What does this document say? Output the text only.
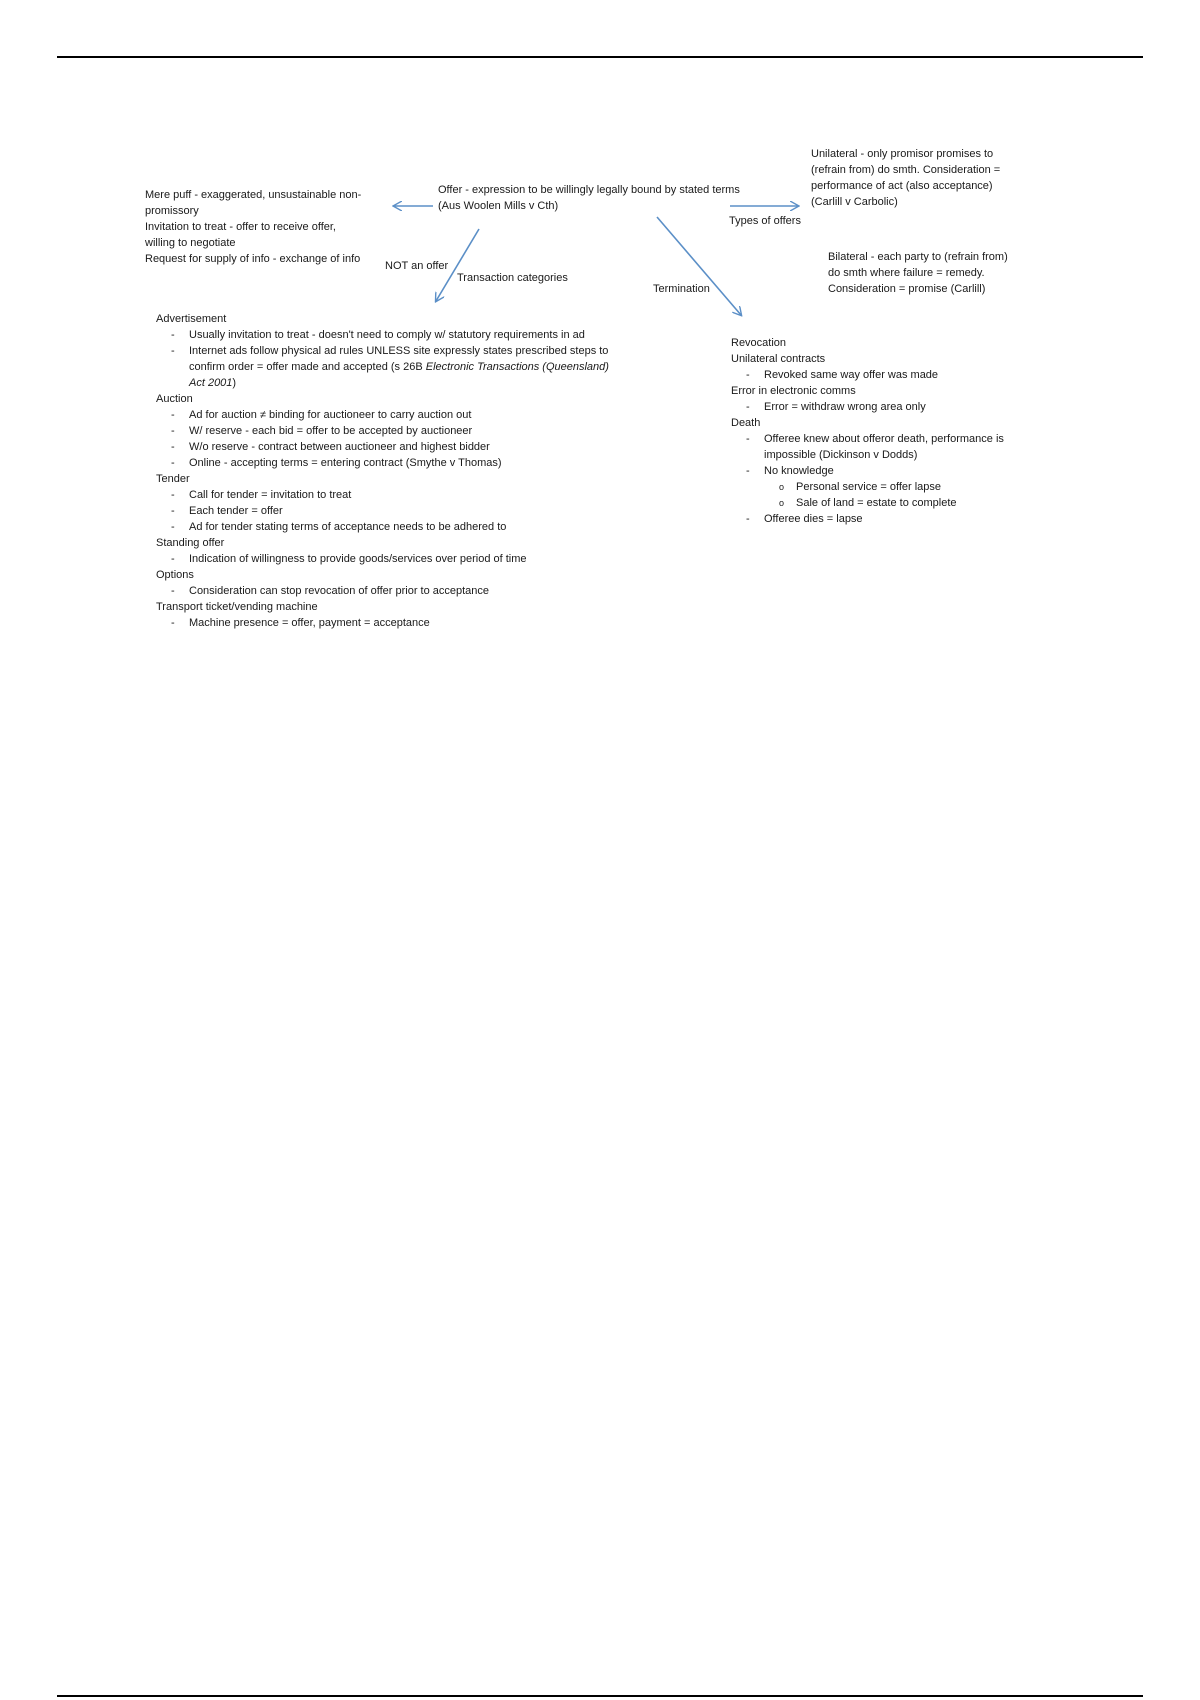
Offer - expression to be willingly legally bound by stated terms
(Aus Woolen Mills v Cth)
Mere puff - exaggerated, unsustainable non-
promissory
Invitation to treat - offer to receive offer,
willing to negotiate
Request for supply of info - exchange of info
NOT an offer
Types of offers
Unilateral - only promisor promises to
(refrain from) do smth. Consideration =
performance of act (also acceptance)
(Carlill v Carbolic)
Bilateral - each party to (refrain from)
do smth where failure = remedy.
Consideration = promise (Carlill)
Transaction categories
Advertisement
- Usually invitation to treat - doesn't need to comply w/ statutory requirements in ad
- Internet ads follow physical ad rules UNLESS site expressly states prescribed steps to
confirm order = offer made and accepted (s 26B Electronic Transactions (Queensland)
Act 2001)
Auction
- Ad for auction ≠ binding for auctioneer to carry auction out
- W/ reserve - each bid = offer to be accepted by auctioneer
- W/o reserve - contract between auctioneer and highest bidder
- Online - accepting terms = entering contract (Smythe v Thomas)
Tender
- Call for tender = invitation to treat
- Each tender = offer
- Ad for tender stating terms of acceptance needs to be adhered to
Standing offer
- Indication of willingness to provide goods/services over period of time
Options
- Consideration can stop revocation of offer prior to acceptance
Transport ticket/vending machine
- Machine presence = offer, payment = acceptance
Termination
Revocation
Unilateral contracts
- Revoked same way offer was made
Error in electronic comms
- Error = withdraw wrong area only
Death
- Offeree knew about offeror death, performance is
impossible (Dickinson v Dodds)
- No knowledge
o Personal service = offer lapse
o Sale of land = estate to complete
- Offeree dies = lapse
